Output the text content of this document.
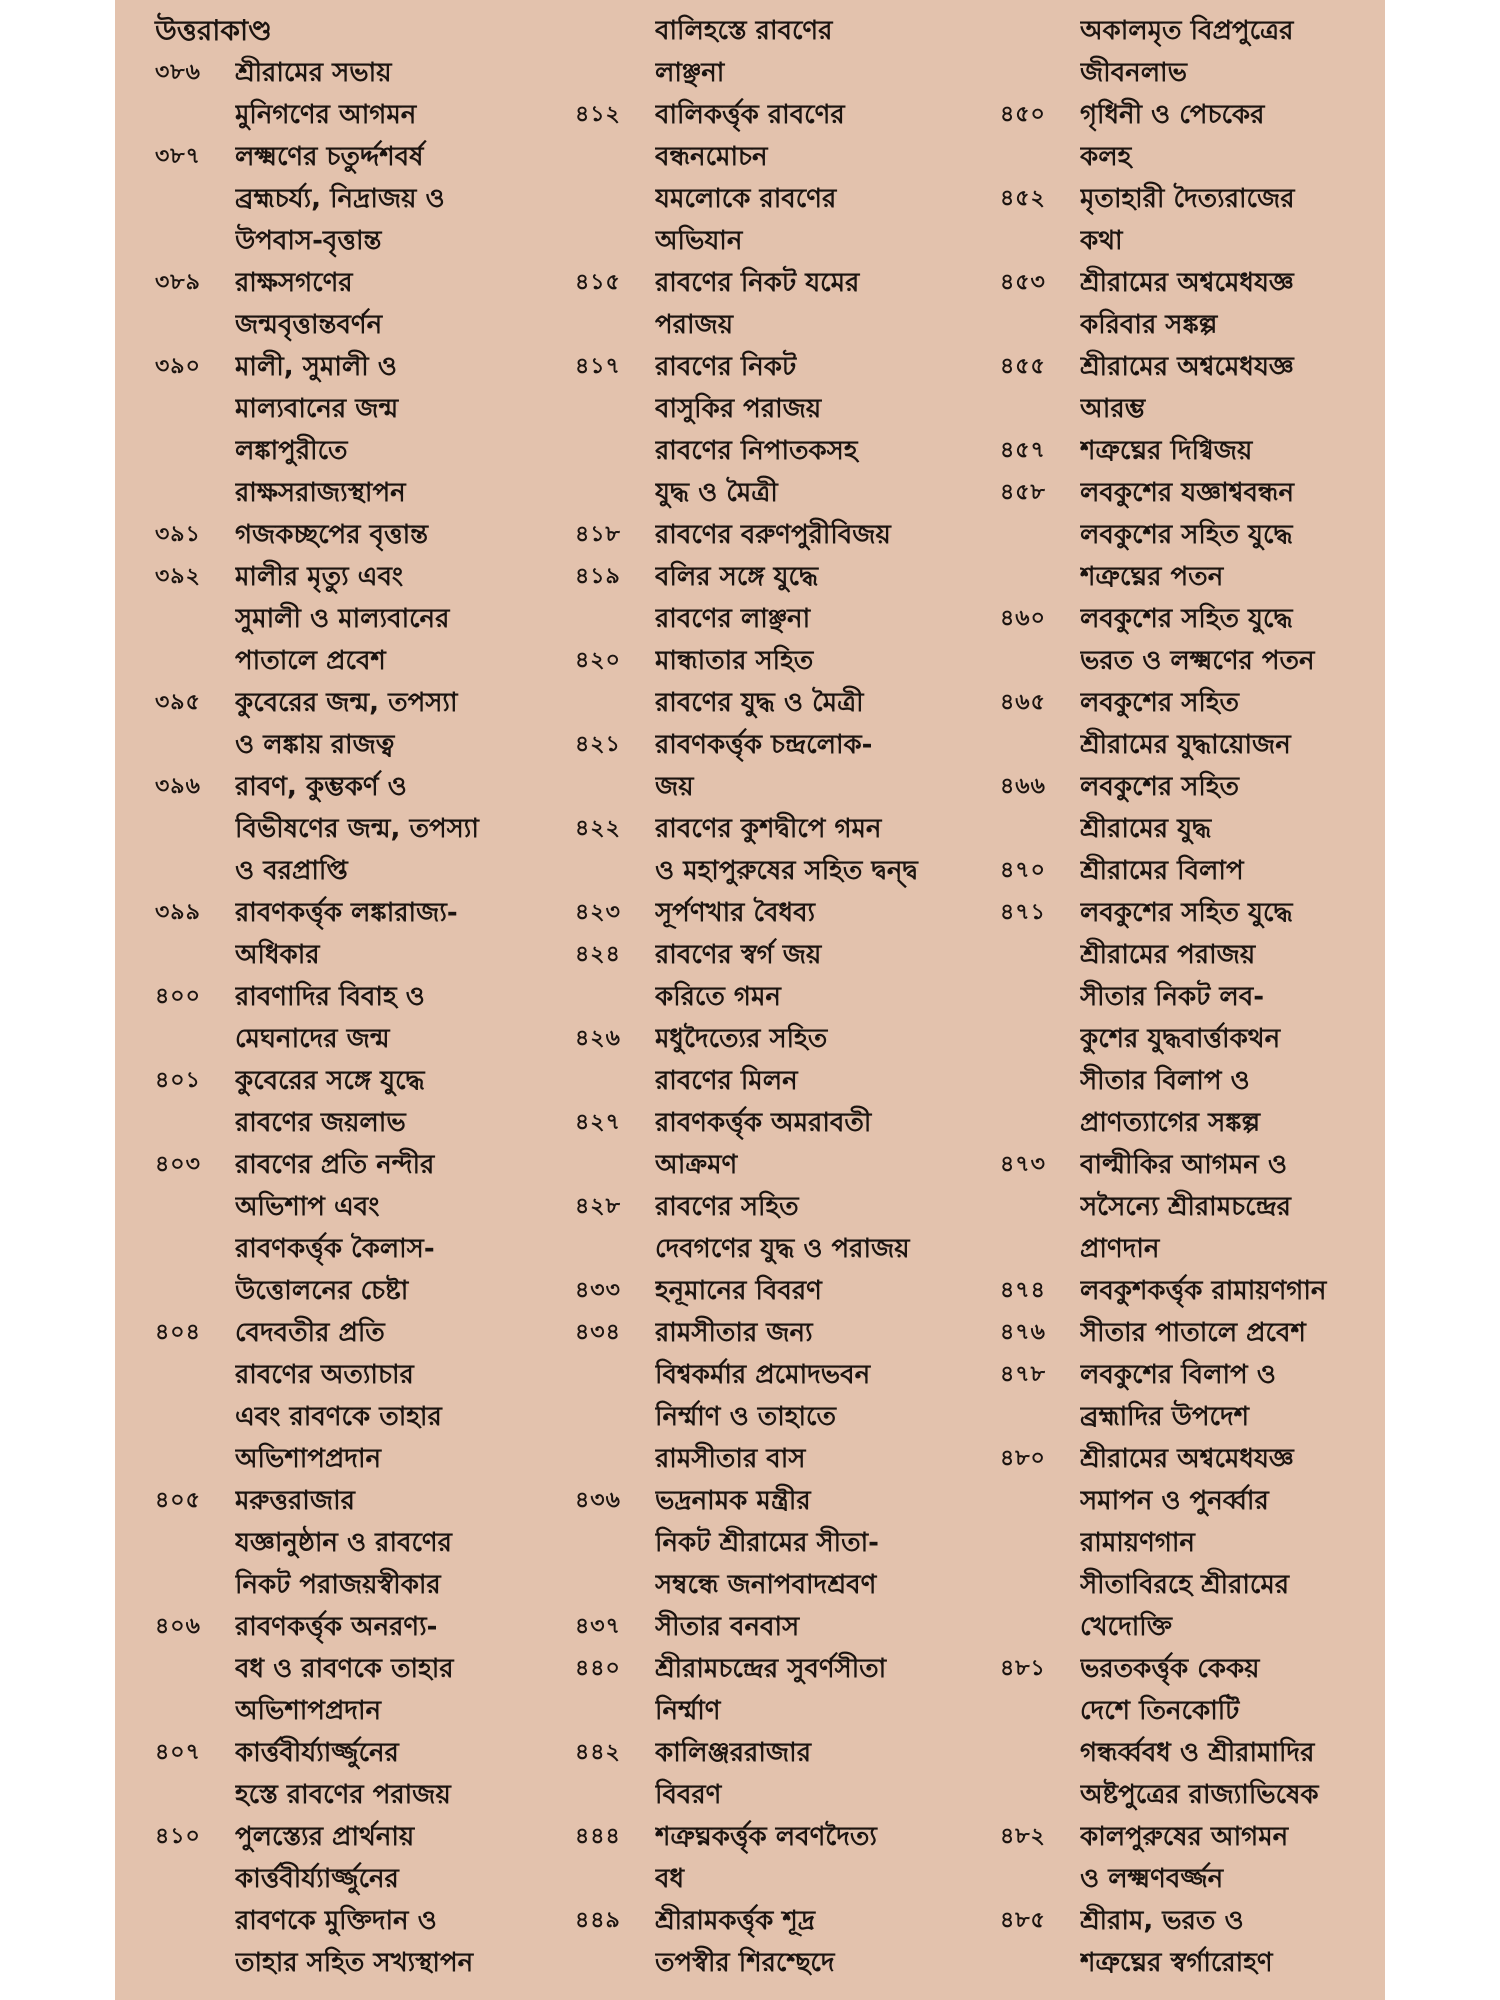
উত্তরাকাণ্ড
৩৮৬	শ্রীরামের সভায়
মুনিগণের আগমন
৩৮৭	লক্ষ্মণের চতুর্দ্দশবর্ষ
ব্রহ্মচর্য্য, নিদ্রাজয় ও
উপবাস-বৃত্তান্ত
৩৮৯	রাক্ষসগণের
জন্মবৃত্তান্তবর্ণন
৩৯০	মালী, সুমালী ও
মাল্যবানের জন্ম
লঙ্কাপুরীতে
রাক্ষসরাজ্যস্থাপন
৩৯১	গজকচ্ছপের বৃত্তান্ত
৩৯২	মালীর মৃত্যু এবং
সুমালী ও মাল্যবানের
পাতালে প্রবেশ
৩৯৫	কুবেরের জন্ম, তপস্যা
ও লঙ্কায় রাজত্ব
৩৯৬	রাবণ, কুম্ভকর্ণ ও
বিভীষণের জন্ম, তপস্যা
ও বরপ্রাপ্তি
৩৯৯	রাবণকর্ত্তৃক লঙ্কারাজ্য-
অধিকার
৪০০	রাবণাদির বিবাহ ও
মেঘনাদের জন্ম
৪০১	কুবেরের সঙ্গে যুদ্ধে
রাবণের জয়লাভ
৪০৩	রাবণের প্রতি নন্দীর
অভিশাপ এবং
রাবণকর্ত্তৃক কৈলাস-
উত্তোলনের চেষ্টা
৪০৪	বেদবতীর প্রতি
রাবণের অত্যাচার
এবং রাবণকে তাহার
অভিশাপপ্রদান
৪০৫	মরুত্তরাজার
যজ্ঞানুষ্ঠান ও রাবণের
নিকট পরাজয়স্বীকার
৪০৬	রাবণকর্ত্তৃক অনরণ্য-
বধ ও রাবণকে তাহার
অভিশাপপ্রদান
৪০৭	কার্ত্তবীর্য্যার্জ্জুনের
হস্তে রাবণের পরাজয়
৪১০	পুলস্ত্যের প্রার্থনায়
কার্ত্তবীর্য্যার্জ্জুনের
রাবণকে মুক্তিদান ও
তাহার সহিত সখ্যস্থাপন
বালিহস্তে রাবণের
লাঞ্ছনা
৪১২	বালিকর্ত্তৃক রাবণের
বন্ধনমোচন
যমলোকে রাবণের
অভিযান
৪১৫	রাবণের নিকট যমের
পরাজয়
৪১৭	রাবণের নিকট
বাসুকির পরাজয়
রাবণের নিপাতকসহ
যুদ্ধ ও মৈত্রী
৪১৮	রাবণের বরুণপুরীবিজয়
৪১৯	বলির সঙ্গে যুদ্ধে
রাবণের লাঞ্ছনা
৪২০	মান্ধাতার সহিত
রাবণের যুদ্ধ ও মৈত্রী
৪২১	রাবণকর্ত্তৃক চন্দ্রলোক-
জয়
৪২২	রাবণের কুশদ্বীপে গমন
ও মহাপুরুষের সহিত দ্বন্দ্ব
৪২৩	সূর্পণখার বৈধব্য
৪২৪	রাবণের স্বর্গ জয়
করিতে গমন
৪২৬	মধুদৈত্যের সহিত
রাবণের মিলন
৪২৭	রাবণকর্ত্তৃক অমরাবতী
আক্রমণ
৪২৮	রাবণের সহিত
দেবগণের যুদ্ধ ও পরাজয়
৪৩৩	হনূমানের বিবরণ
৪৩৪	রামসীতার জন্য
বিশ্বকর্মার প্রমোদভবন
নির্ম্মাণ ও তাহাতে
রামসীতার বাস
৪৩৬	ভদ্রনামক মন্ত্রীর
নিকট শ্রীরামের সীতা-
সম্বন্ধে জনাপবাদশ্রবণ
৪৩৭	সীতার বনবাস
৪৪০	শ্রীরামচন্দ্রের সুবর্ণসীতা
নির্ম্মাণ
৪৪২	কালিঞ্জররাজার
বিবরণ
৪৪৪	শত্রুঘ্নকর্ত্তৃক লবণদৈত্য
বধ
৪৪৯	শ্রীরামকর্ত্তৃক শূদ্র
তপস্বীর শিরশ্ছেদে
অকালমৃত বিপ্রপুত্রের
জীবনলাভ
৪৫০	গৃধিনী ও পেচকের
কলহ
৪৫২	মৃতাহারী দৈত্যরাজের
কথা
৪৫৩	শ্রীরামের অশ্বমেধযজ্ঞ
করিবার সঙ্কল্প
৪৫৫	শ্রীরামের অশ্বমেধযজ্ঞ
আরম্ভ
৪৫৭	শত্রুঘ্নের দিগ্বিজয়
৪৫৮	লবকুশের যজ্ঞাশ্ববন্ধন
লবকুশের সহিত যুদ্ধে
শত্রুঘ্নের পতন
৪৬০	লবকুশের সহিত যুদ্ধে
ভরত ও লক্ষ্মণের পতন
৪৬৫	লবকুশের সহিত
শ্রীরামের যুদ্ধায়োজন
৪৬৬	লবকুশের সহিত
শ্রীরামের যুদ্ধ
৪৭০	শ্রীরামের বিলাপ
৪৭১	লবকুশের সহিত যুদ্ধে
শ্রীরামের পরাজয়
সীতার নিকট লব-
কুশের যুদ্ধবার্ত্তাকথন
সীতার বিলাপ ও
প্রাণত্যাগের সঙ্কল্প
৪৭৩	বাল্মীকির আগমন ও
সসৈন্যে শ্রীরামচন্দ্রের
প্রাণদান
৪৭৪	লবকুশকর্ত্তৃক রামায়ণগান
৪৭৬	সীতার পাতালে প্রবেশ
৪৭৮	লবকুশের বিলাপ ও
ব্রহ্মাদির উপদেশ
৪৮০	শ্রীরামের অশ্বমেধযজ্ঞ
সমাপন ও পুনর্ব্বার
রামায়ণগান
সীতাবিরহে শ্রীরামের
খেদোক্তি
৪৮১	ভরতকর্ত্তৃক কেকয়
দেশে তিনকোটি
গন্ধর্ব্ববধ ও শ্রীরামাদির
অষ্টপুত্রের রাজ্যাভিষেক
৪৮২	কালপুরুষের আগমন
ও লক্ষ্মণবর্জ্জন
৪৮৫	শ্রীরাম, ভরত ও
শত্রুঘ্নের স্বর্গারোহণ
